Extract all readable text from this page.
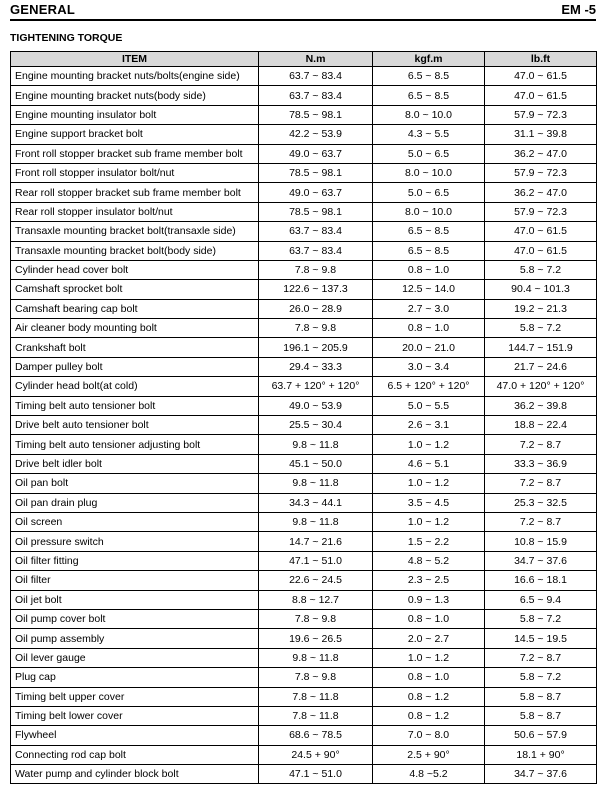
GENERAL	EM -5
TIGHTENING TORQUE
ITEM	N.m	kgf.m	lb.ft
Engine mounting bracket nuts/bolts(engine side)	63.7 ~ 83.4	6.5 ~ 8.5	47.0 ~ 61.5
Engine mounting bracket nuts(body side)	63.7 ~ 83.4	6.5 ~ 8.5	47.0 ~ 61.5
Engine mounting insulator bolt	78.5 ~ 98.1	8.0 ~ 10.0	57.9 ~ 72.3
Engine support bracket bolt	42.2 ~ 53.9	4.3 ~ 5.5	31.1 ~ 39.8
Front roll stopper bracket sub frame member bolt	49.0 ~ 63.7	5.0 ~ 6.5	36.2 ~ 47.0
Front roll stopper insulator bolt/nut	78.5 ~ 98.1	8.0 ~ 10.0	57.9 ~ 72.3
Rear roll stopper bracket sub frame member bolt	49.0 ~ 63.7	5.0 ~ 6.5	36.2 ~ 47.0
Rear roll stopper insulator bolt/nut	78.5 ~ 98.1	8.0 ~ 10.0	57.9 ~ 72.3
Transaxle mounting bracket bolt(transaxle side)	63.7 ~ 83.4	6.5 ~ 8.5	47.0 ~ 61.5
Transaxle mounting bracket bolt(body side)	63.7 ~ 83.4	6.5 ~ 8.5	47.0 ~ 61.5
Cylinder head cover bolt	7.8 ~ 9.8	0.8 ~ 1.0	5.8 ~ 7.2
Camshaft sprocket bolt	122.6 ~ 137.3	12.5 ~ 14.0	90.4 ~ 101.3
Camshaft bearing cap bolt	26.0 ~ 28.9	2.7 ~ 3.0	19.2 ~ 21.3
Air cleaner body mounting bolt	7.8 ~ 9.8	0.8 ~ 1.0	5.8 ~ 7.2
Crankshaft bolt	196.1 ~ 205.9	20.0 ~ 21.0	144.7 ~ 151.9
Damper pulley bolt	29.4 ~ 33.3	3.0 ~ 3.4	21.7 ~ 24.6
Cylinder head bolt(at cold)	63.7 + 120° + 120°	6.5 + 120° + 120°	47.0 + 120° + 120°
Timing belt auto tensioner bolt	49.0 ~ 53.9	5.0 ~ 5.5	36.2 ~ 39.8
Drive belt auto tensioner bolt	25.5 ~ 30.4	2.6 ~ 3.1	18.8 ~ 22.4
Timing belt auto tensioner adjusting bolt	9.8 ~ 11.8	1.0 ~ 1.2	7.2 ~ 8.7
Drive belt idler bolt	45.1 ~ 50.0	4.6 ~ 5.1	33.3 ~ 36.9
Oil pan bolt	9.8 ~ 11.8	1.0 ~ 1.2	7.2 ~ 8.7
Oil pan drain plug	34.3 ~ 44.1	3.5 ~ 4.5	25.3 ~ 32.5
Oil screen	9.8 ~ 11.8	1.0 ~ 1.2	7.2 ~ 8.7
Oil pressure switch	14.7 ~ 21.6	1.5 ~ 2.2	10.8 ~ 15.9
Oil filter fitting	47.1 ~ 51.0	4.8 ~ 5.2	34.7 ~ 37.6
Oil filter	22.6 ~ 24.5	2.3 ~ 2.5	16.6 ~ 18.1
Oil jet bolt	8.8 ~ 12.7	0.9 ~ 1.3	6.5 ~ 9.4
Oil pump cover bolt	7.8 ~ 9.8	0.8 ~ 1.0	5.8 ~ 7.2
Oil pump assembly	19.6 ~ 26.5	2.0 ~ 2.7	14.5 ~ 19.5
Oil lever gauge	9.8 ~ 11.8	1.0 ~ 1.2	7.2 ~ 8.7
Plug cap	7.8 ~ 9.8	0.8 ~ 1.0	5.8 ~ 7.2
Timing belt upper cover	7.8 ~ 11.8	0.8 ~ 1.2	5.8 ~ 8.7
Timing belt lower cover	7.8 ~ 11.8	0.8 ~ 1.2	5.8 ~ 8.7
Flywheel	68.6 ~ 78.5	7.0 ~ 8.0	50.6 ~ 57.9
Connecting rod cap bolt	24.5 + 90°	2.5 + 90°	18.1 + 90°
Water pump and cylinder block bolt	47.1 ~ 51.0	4.8 ~5.2	34.7 ~ 37.6
